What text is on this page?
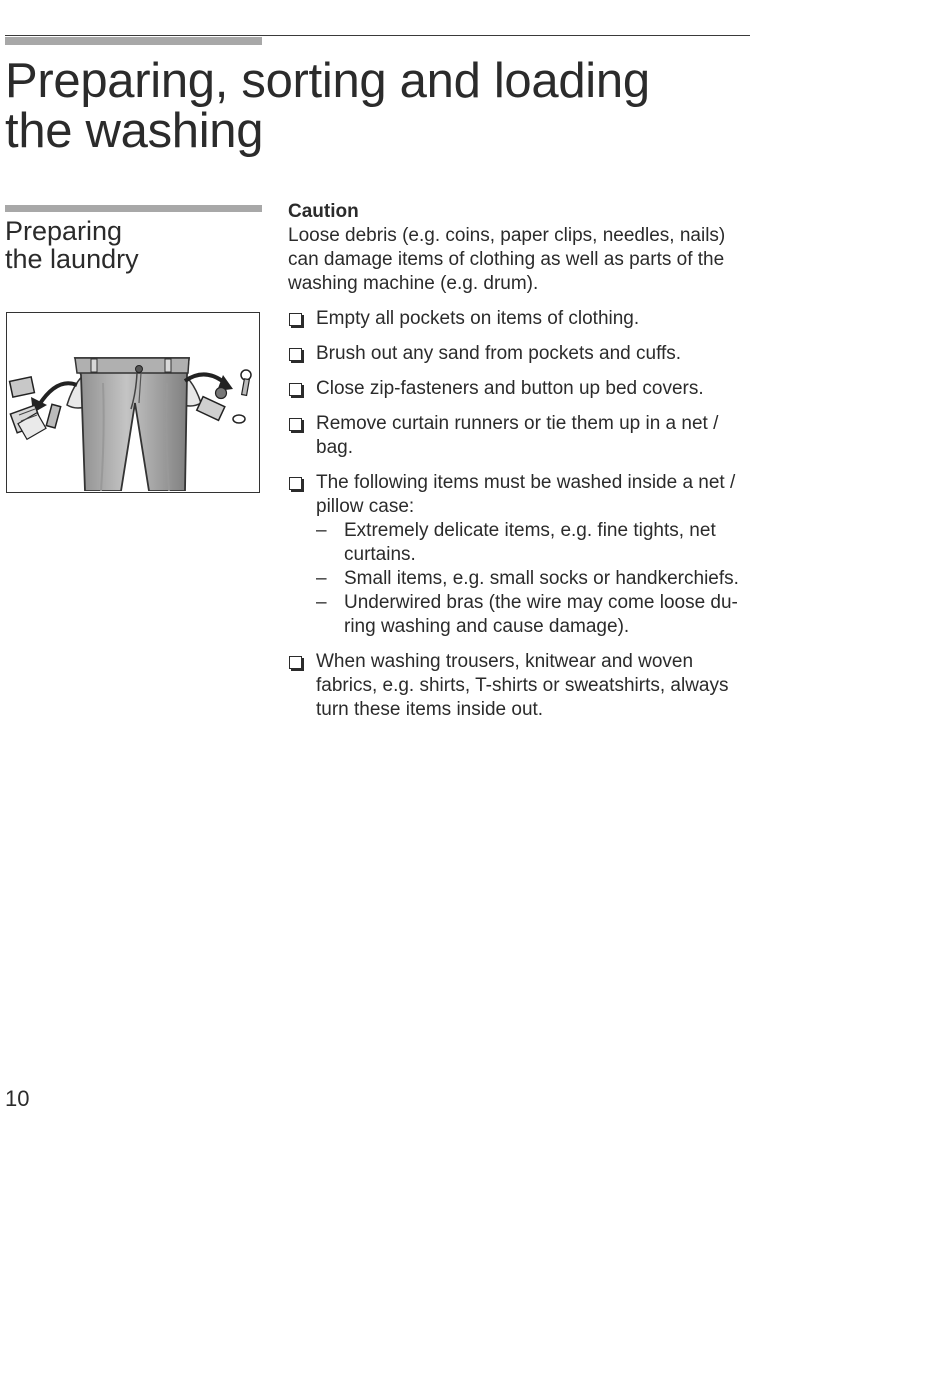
Preparing, sorting and loading
the washing
Preparing
the laundry

Caution

Loose debris (e.g. coins, paper clips, needles, nails)
can damage items of clothing as well as parts of the
washing machine (e.g. drum).

Empty all pockets on items of clothing.
Brush out any sand from pockets and cuffs.
Close zip-fasteners and button up bed covers.
Remove curtain runners or tie them up in a net /
bag.
The following items must be washed inside a net /
pillow case:
– Extremely delicate items, e.g. fine tights, net
curtains.
– Small items, e.g. small socks or handkerchiefs.
– Underwired bras (the wire may come loose du-
ring washing and cause damage).
When washing trousers, knitwear and woven
fabrics, e.g. shirts, T-shirts or sweatshirts, always
turn these items inside out.

10
